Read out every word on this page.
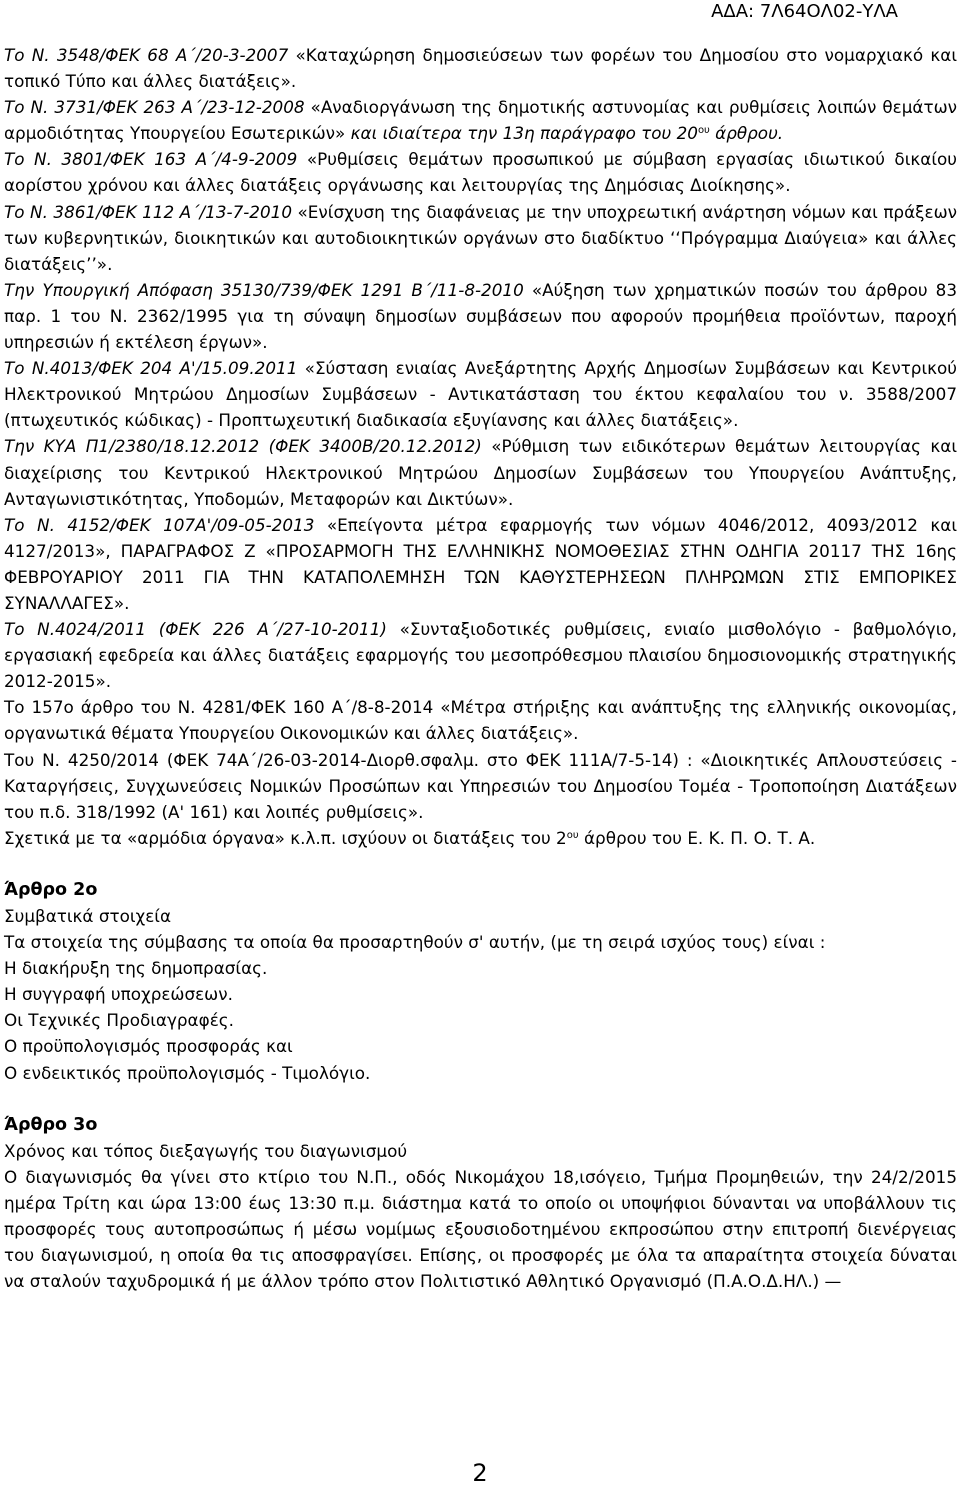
ΑΔΑ: 7Λ64ΟΛ02-ΥΛΑ

Το Ν. 3548/ΦΕΚ 68 Α΄/20-3-2007 «Καταχώρηση δημοσιεύσεων των φορέων του Δημοσίου στο νομαρχιακό και τοπικό Τύπο και άλλες διατάξεις».

Το Ν. 3731/ΦΕΚ 263 Α΄/23-12-2008 «Αναδιοργάνωση της δημοτικής αστυνομίας και ρυθμίσεις λοιπών θεμάτων αρμοδιότητας Υπουργείου Εσωτερικών» και ιδιαίτερα την 13η παράγραφο του $20^{o\upsilon}$ άρθρου.

Το Ν. 3801/ΦΕΚ 163 Α΄/4-9-2009 «Ρυθμίσεις θεμάτων προσωπικού με σύμβαση εργασίας ιδιωτικού δικαίου αορίστου χρόνου και άλλες διατάξεις οργάνωσης και λειτουργίας της Δημόσιας Διοίκησης».

Το Ν. 3861/ΦΕΚ 112 Α΄/13-7-2010 «Ενίσχυση της διαφάνειας με την υποχρεωτική ανάρτηση νόμων και πράξεων των κυβερνητικών, διοικητικών και αυτοδιοικητικών οργάνων στο διαδίκτυο ‘‘Πρόγραμμα Διαύγεια» και άλλες διατάξεις’’».

Την Υπουργική Απόφαση 35130/739/ΦΕΚ 1291 Β΄/11-8-2010 «Αύξηση των χρηματικών ποσών του άρθρου 83 παρ. 1 του Ν. 2362/1995 για τη σύναψη δημοσίων συμβάσεων που αφορούν προμήθεια προϊόντων, παροχή υπηρεσιών ή εκτέλεση έργων».

Το Ν.4013/ΦΕΚ 204 Α'/15.09.2011 «Σύσταση ενιαίας Ανεξάρτητης Αρχής Δημοσίων Συμβάσεων και Κεντρικού Ηλεκτρονικού Μητρώου Δημοσίων Συμβάσεων - Αντικατάσταση του έκτου κεφαλαίου του ν. 3588/2007 (πτωχευτικός κώδικας) - Προπτωχευτική διαδικασία εξυγίανσης και άλλες διατάξεις».

Την ΚΥΑ Π1/2380/18.12.2012 (ΦΕΚ 3400Β/20.12.2012) «Ρύθμιση των ειδικότερων θεμάτων λειτουργίας και διαχείρισης του Κεντρικού Ηλεκτρονικού Μητρώου Δημοσίων Συμβάσεων του Υπουργείου Ανάπτυξης, Ανταγωνιστικότητας, Υποδομών, Μεταφορών και Δικτύων».

Το Ν. 4152/ΦΕΚ 107Α'/09-05-2013 «Επείγοντα μέτρα εφαρμογής των νόμων 4046/2012, 4093/2012 και 4127/2013», ΠΑΡΑΓΡΑΦΟΣ Ζ «ΠΡΟΣΑΡΜΟΓΗ ΤΗΣ ΕΛΛΗΝΙΚΗΣ ΝΟΜΟΘΕΣΙΑΣ ΣΤΗΝ ΟΔΗΓΙΑ 20117 ΤΗΣ 16ης ΦΕΒΡΟΥΑΡΙΟΥ 2011 ΓΙΑ ΤΗΝ ΚΑΤΑΠΟΛΕΜΗΣΗ ΤΩΝ ΚΑΘΥΣΤΕΡΗΣΕΩΝ ΠΛΗΡΩΜΩΝ ΣΤΙΣ ΕΜΠΟΡΙΚΕΣ ΣΥΝΑΛΛΑΓΕΣ».

Το Ν.4024/2011 (ΦΕΚ 226 Α΄/27-10-2011) «Συνταξιοδοτικές ρυθμίσεις, ενιαίο μισθολόγιο - βαθμολόγιο, εργασιακή εφεδρεία και άλλες διατάξεις εφαρμογής του μεσοπρόθεσμου πλαισίου δημοσιονομικής στρατηγικής 2012-2015».

Το 157ο άρθρο του Ν. 4281/ΦΕΚ 160 Α΄/8-8-2014 «Μέτρα στήριξης και ανάπτυξης της ελληνικής οικονομίας, οργανωτικά θέματα Υπουργείου Οικονομικών και άλλες διατάξεις».

Του Ν. 4250/2014 (ΦΕΚ 74Α΄/26-03-2014-Διορθ.σφαλμ. στο ΦΕΚ 111Α/7-5-14) : «Διοικητικές Απλουστεύσεις - Καταργήσεις, Συγχωνεύσεις Νομικών Προσώπων και Υπηρεσιών του Δημοσίου Τομέα - Τροποποίηση Διατάξεων του π.δ. 318/1992 (Α' 161) και λοιπές ρυθμίσεις».

Σχετικά με τα «αρμόδια όργανα» κ.λ.π. ισχύουν οι διατάξεις του $2^{o\upsilon}$ άρθρου του Ε. Κ. Π. Ο. Τ. Α.

Άρθρο 2ο

Συμβατικά στοιχεία

Τα στοιχεία της σύμβασης τα οποία θα προσαρτηθούν σ' αυτήν, (με τη σειρά ισχύος τους) είναι :

Η διακήρυξη της δημοπρασίας.

Η συγγραφή υποχρεώσεων.

Οι Τεχνικές Προδιαγραφές.

Ο προϋπολογισμός προσφοράς και

Ο ενδεικτικός προϋπολογισμός - Τιμολόγιο.

Άρθρο 3ο

Χρόνος και τόπος διεξαγωγής του διαγωνισμού

Ο διαγωνισμός θα γίνει στο κτίριο του Ν.Π., οδός Νικομάχου 18,ισόγειο, Τμήμα Προμηθειών, την 24/2/2015 ημέρα Τρίτη και ώρα 13:00 έως 13:30 π.μ. διάστημα κατά το οποίο οι υποψήφιοι δύνανται να υποβάλλουν τις προσφορές τους αυτοπροσώπως ή μέσω νομίμως εξουσιοδοτημένου εκπροσώπου στην επιτροπή διενέργειας του διαγωνισμού, η οποία θα τις αποσφραγίσει. Επίσης, οι προσφορές με όλα τα απαραίτητα στοιχεία δύναται να σταλούν ταχυδρομικά ή με άλλον τρόπο στον Πολιτιστικό Αθλητικό Οργανισμό (Π.Α.Ο.Δ.ΗΛ.) —

2
